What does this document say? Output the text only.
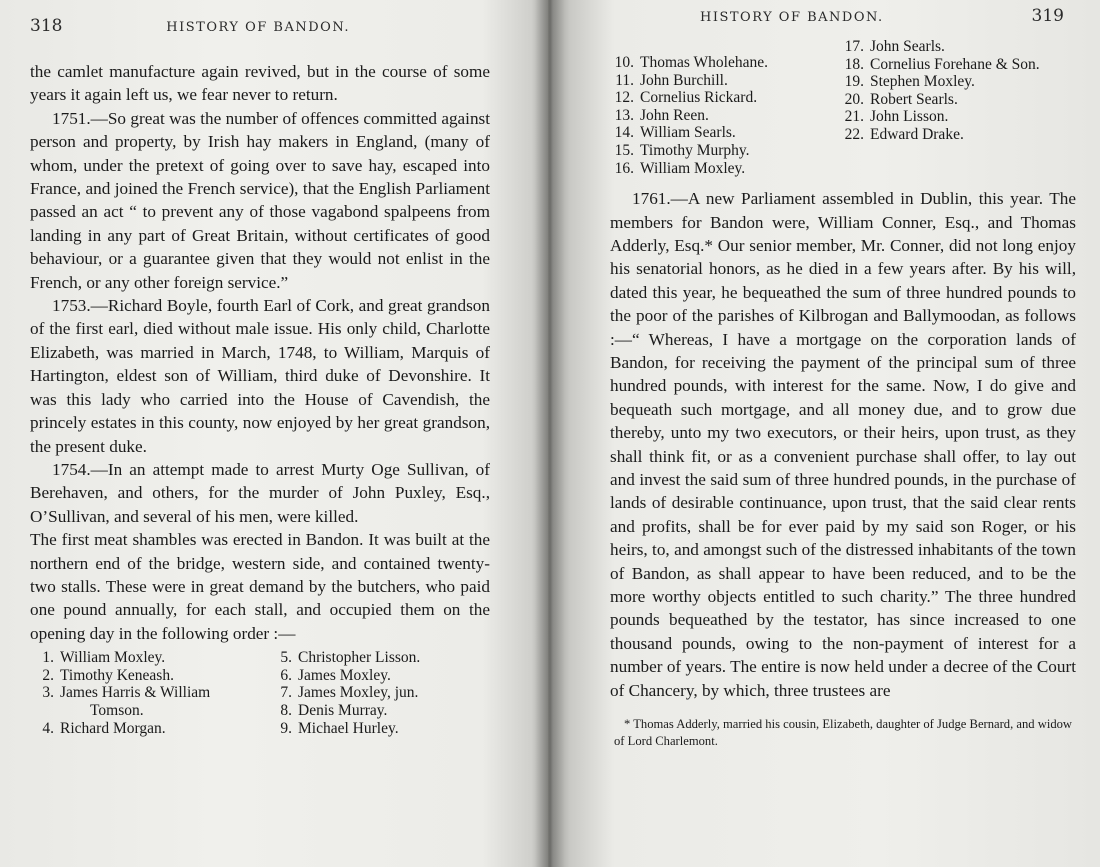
318	HISTORY OF BANDON.

the camlet manufacture again revived, but in the course of some years it again left us, we fear never to return.

1751.—So great was the number of offences committed against person and property, by Irish hay makers in England, (many of whom, under the pretext of going over to save hay, escaped into France, and joined the French service), that the English Parliament passed an act “ to prevent any of those vagabond spalpeens from landing in any part of Great Britain, without certificates of good behaviour, or a guarantee given that they would not enlist in the French, or any other foreign service.”

1753.—Richard Boyle, fourth Earl of Cork, and great grandson of the first earl, died without male issue. His only child, Charlotte Elizabeth, was married in March, 1748, to William, Marquis of Hartington, eldest son of William, third duke of Devonshire. It was this lady who carried into the House of Cavendish, the princely estates in this county, now enjoyed by her great grandson, the present duke.

1754.—In an attempt made to arrest Murty Oge Sullivan, of Berehaven, and others, for the murder of John Puxley, Esq., O’Sullivan, and several of his men, were killed.

The first meat shambles was erected in Bandon. It was built at the northern end of the bridge, western side, and contained twenty-two stalls. These were in great demand by the butchers, who paid one pound annually, for each stall, and occupied them on the opening day in the following order :—

1. William Moxley.
2. Timothy Keneash.
3. James Harris & William
Tomson.
4. Richard Morgan.
5. Christopher Lisson.
6. James Moxley.
7. James Moxley, jun.
8. Denis Murray.
9. Michael Hurley.
HISTORY OF BANDON.	319
10. Thomas Wholehane.
11. John Burchill.
12. Cornelius Rickard.
13. John Reen.
14. William Searls.
15. Timothy Murphy.
16. William Moxley.
17. John Searls.
18. Cornelius Forehane & Son.
19. Stephen Moxley.
20. Robert Searls.
21. John Lisson.
22. Edward Drake.

1761.—A new Parliament assembled in Dublin, this year. The members for Bandon were, William Conner, Esq., and Thomas Adderly, Esq.* Our senior member, Mr. Conner, did not long enjoy his senatorial honors, as he died in a few years after. By his will, dated this year, he bequeathed the sum of three hundred pounds to the poor of the parishes of Kilbrogan and Ballymoodan, as follows :—“ Whereas, I have a mortgage on the corporation lands of Bandon, for receiving the payment of the principal sum of three hundred pounds, with interest for the same. Now, I do give and bequeath such mortgage, and all money due, and to grow due thereby, unto my two executors, or their heirs, upon trust, as they shall think fit, or as a convenient purchase shall offer, to lay out and invest the said sum of three hundred pounds, in the purchase of lands of desirable continuance, upon trust, that the said clear rents and profits, shall be for ever paid by my said son Roger, or his heirs, to, and amongst such of the distressed inhabitants of the town of Bandon, as shall appear to have been reduced, and to be the more worthy objects entitled to such charity.” The three hundred pounds bequeathed by the testator, has since increased to one thousand pounds, owing to the non-payment of interest for a number of years. The entire is now held under a decree of the Court of Chancery, by which, three trustees are

* Thomas Adderly, married his cousin, Elizabeth, daughter of Judge Bernard, and widow of Lord Charlemont.
